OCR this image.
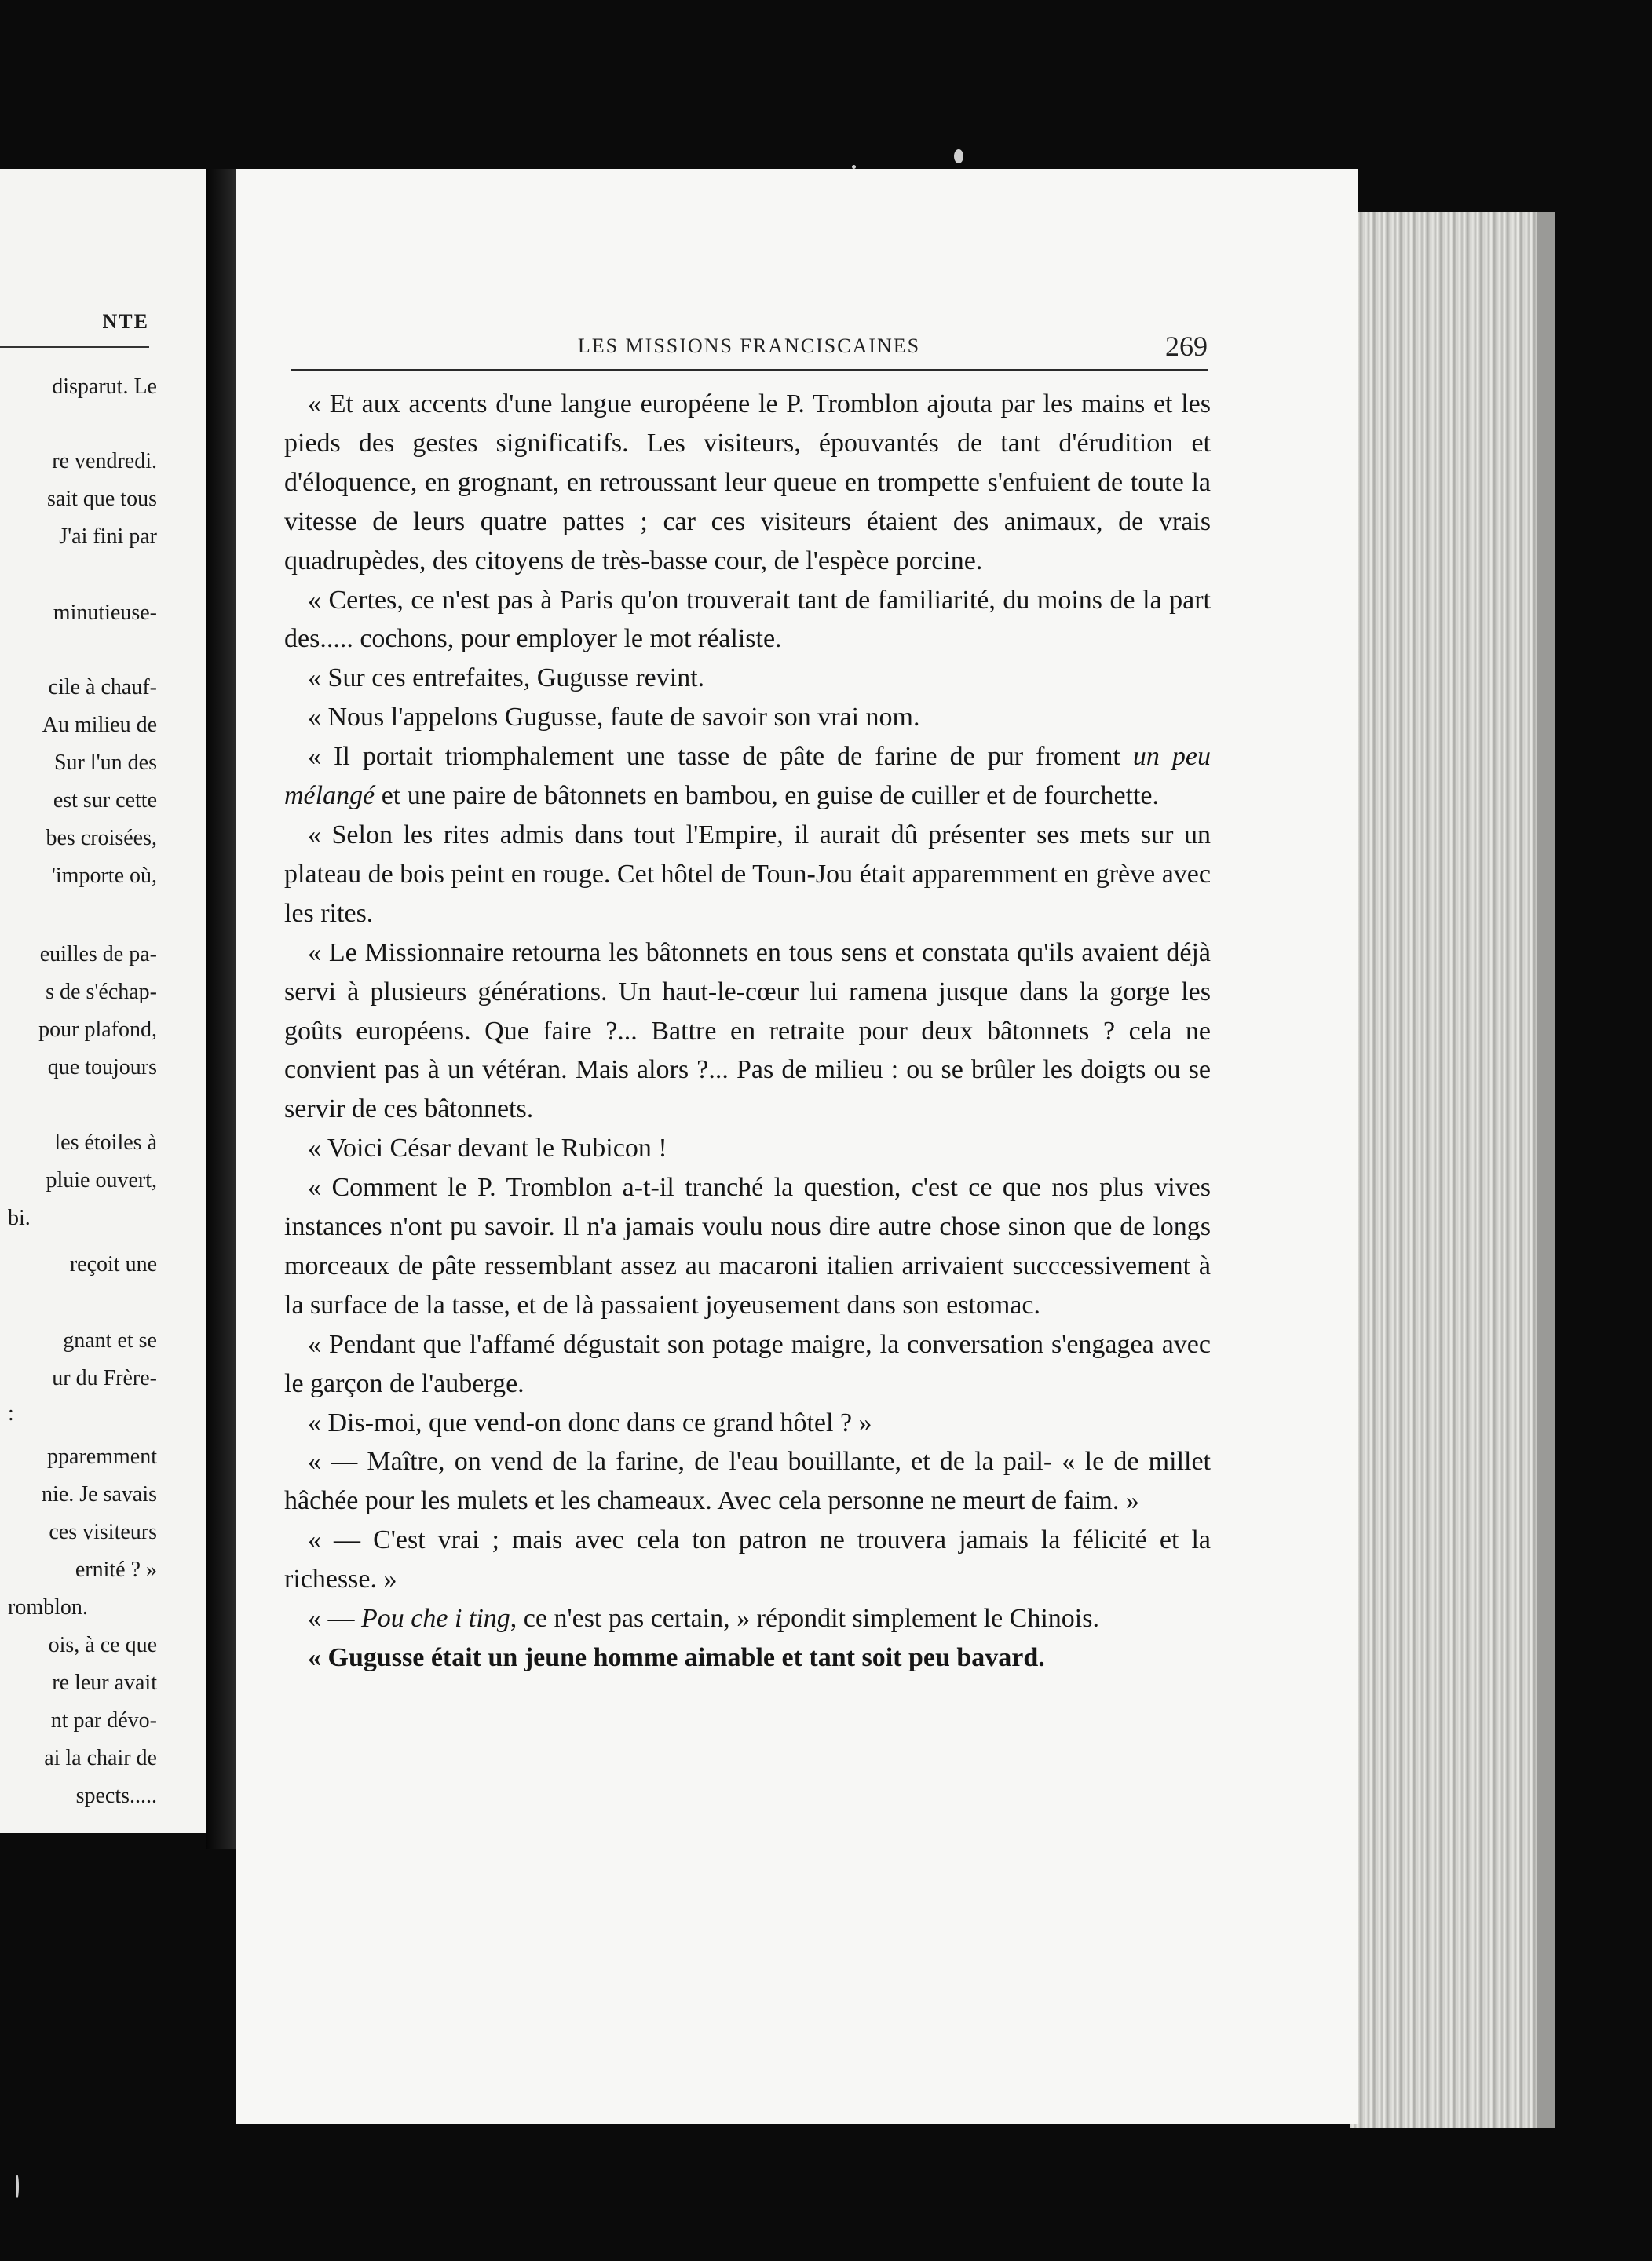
NTE
disparut. Le
re vendredi.
sait que tous
J'ai fini par
minutieuse-
cile à chauf-
Au milieu de
Sur l'un des
est sur cette
bes croisées,
'importe où,
euilles de pa-
s de s'échap-
pour plafond,
que toujours
les étoiles à
pluie ouvert,
bi.
reçoit une
gnant et se
ur du Frère-
:
pparemment
nie. Je savais
ces visiteurs
ernité ? »
romblon.
ois, à ce que
re leur avait
nt par dévo-
ai la chair de
spects.....
LES MISSIONS FRANCISCAINES	269

« Et aux accents d'une langue européene le P. Tromblon ajouta par les mains et les pieds des gestes significatifs. Les visiteurs, épouvantés de tant d'érudition et d'éloquence, en grognant, en retroussant leur queue en trompette s'enfuient de toute la vitesse de leurs quatre pattes ; car ces visiteurs étaient des animaux, de vrais quadrupèdes, des citoyens de très-basse cour, de l'espèce porcine.

« Certes, ce n'est pas à Paris qu'on trouverait tant de familiarité, du moins de la part des..... cochons, pour employer le mot réaliste.

« Sur ces entrefaites, Gugusse revint.

« Nous l'appelons Gugusse, faute de savoir son vrai nom.

« Il portait triomphalement une tasse de pâte de farine de pur froment un peu mélangé et une paire de bâtonnets en bambou, en guise de cuiller et de fourchette.

« Selon les rites admis dans tout l'Empire, il aurait dû présenter ses mets sur un plateau de bois peint en rouge. Cet hôtel de Toun-Jou était apparemment en grève avec les rites.

« Le Missionnaire retourna les bâtonnets en tous sens et constata qu'ils avaient déjà servi à plusieurs générations. Un haut-le-cœur lui ramena jusque dans la gorge les goûts européens. Que faire ?... Battre en retraite pour deux bâtonnets ? cela ne convient pas à un vétéran. Mais alors ?... Pas de milieu : ou se brûler les doigts ou se servir de ces bâtonnets.

« Voici César devant le Rubicon !

« Comment le P. Tromblon a-t-il tranché la question, c'est ce que nos plus vives instances n'ont pu savoir. Il n'a jamais voulu nous dire autre chose sinon que de longs morceaux de pâte ressemblant assez au macaroni italien arrivaient succcessivement à la surface de la tasse, et de là passaient joyeusement dans son estomac.

« Pendant que l'affamé dégustait son potage maigre, la conversation s'engagea avec le garçon de l'auberge.

« Dis-moi, que vend-on donc dans ce grand hôtel ? »

« — Maître, on vend de la farine, de l'eau bouillante, et de la pail- « le de millet hâchée pour les mulets et les chameaux. Avec cela personne ne meurt de faim. »

« — C'est vrai ; mais avec cela ton patron ne trouvera jamais la félicité et la richesse. »

« — Pou che i ting, ce n'est pas certain, » répondit simplement le Chinois.

« Gugusse était un jeune homme aimable et tant soit peu bavard.
